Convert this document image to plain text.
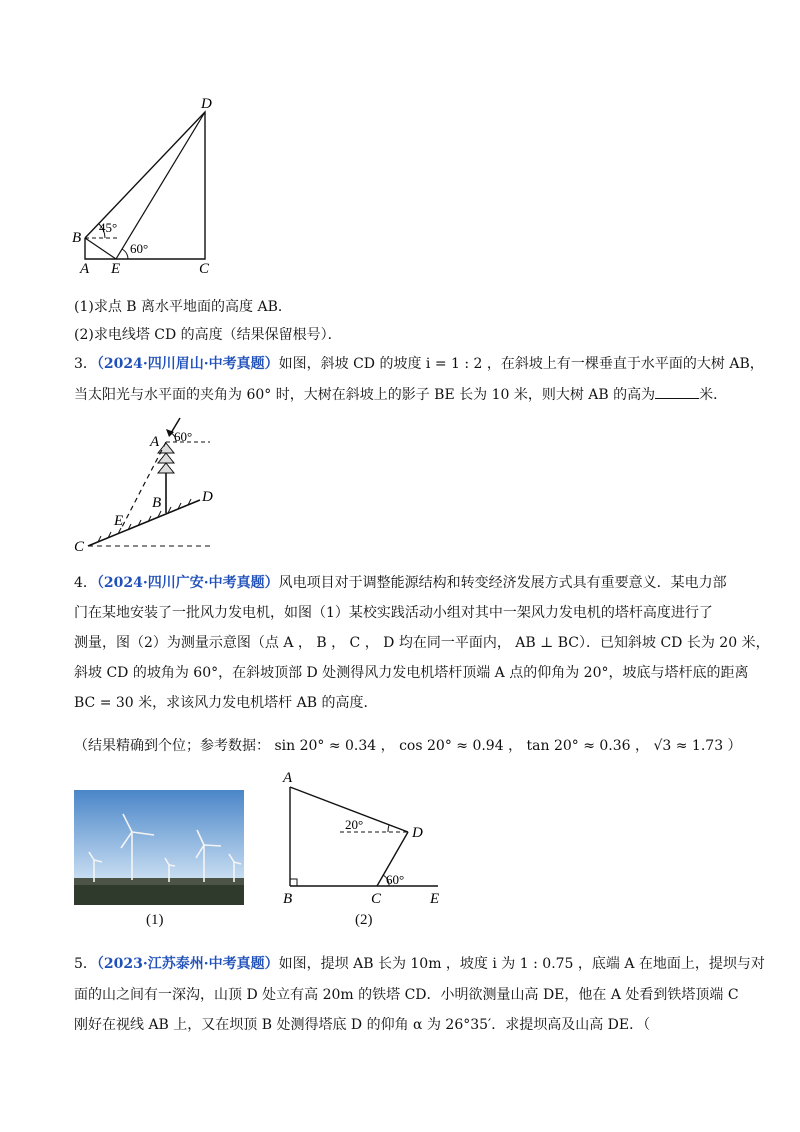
D
B
A E	C
45°
60°
(1)求点 B 离水平地面的高度 AB．
(2)求电线塔 CD 的高度（结果保留根号）．
3．（2024·四川眉山·中考真题）如图，斜坡 CD 的坡度 i = 1 : 2 ，在斜坡上有一棵垂直于水平面的大树 AB，
当太阳光与水平面的夹角为 60° 时，大树在斜坡上的影子 BE 长为 10 米，则大树 AB 的高为	米．
A 60°
B	D
E
C
4．（2024·四川广安·中考真题）风电项目对于调整能源结构和转变经济发展方式具有重要意义．某电力部
门在某地安装了一批风力发电机，如图（1）某校实践活动小组对其中一架风力发电机的塔杆高度进行了
测量，图（2）为测量示意图（点 A ， B ， C ， D 均在同一平面内， AB ⊥ BC）．已知斜坡 CD 长为 20 米，
斜坡 CD 的坡角为 60°，在斜坡顶部 D 处测得风力发电机塔杆顶端 A 点的仰角为 20°，坡底与塔杆底的距离
BC = 30 米，求该风力发电机塔杆 AB 的高度．
（结果精确到个位；参考数据： sin 20° ≈ 0.34 ， cos 20° ≈ 0.94 ， tan 20° ≈ 0.36 ， √3 ≈ 1.73 ）
(1)
A
20°
D
60°
B	C	E
(2)
5．（2023·江苏泰州·中考真题）如图，提坝 AB 长为 10m ，坡度 i 为 1 : 0.75 ，底端 A 在地面上，提坝与对
面的山之间有一深沟，山顶 D 处立有高 20m 的铁塔 CD．小明欲测量山高 DE，他在 A 处看到铁塔顶端 C
刚好在视线 AB 上，又在坝顶 B 处测得塔底 D 的仰角 α 为 26°35′．求提坝高及山高 DE．（
